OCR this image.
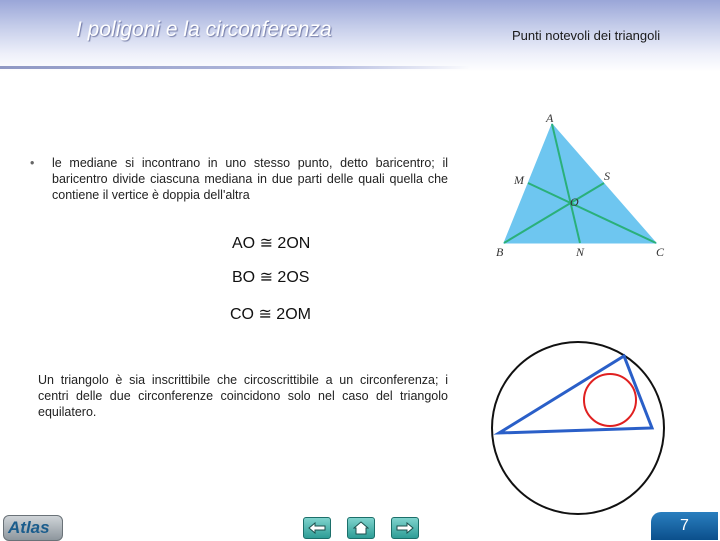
I poligoni e la circonferenza	Punti notevoli dei triangoli
A
B	C
M	S
N
O
• le mediane si incontrano in uno stesso punto, detto baricentro; il baricentro divide ciascuna mediana in due parti delle quali quella che contiene il vertice è doppia dell'altra
AO ≅ 2ON
BO ≅ 2OS
CO ≅ 2OM
Un triangolo è sia inscrittibile che circoscrittibile a un circonferenza; i centri delle due circonferenze coincidono solo nel caso del triangolo equilatero.
Atlas	7
